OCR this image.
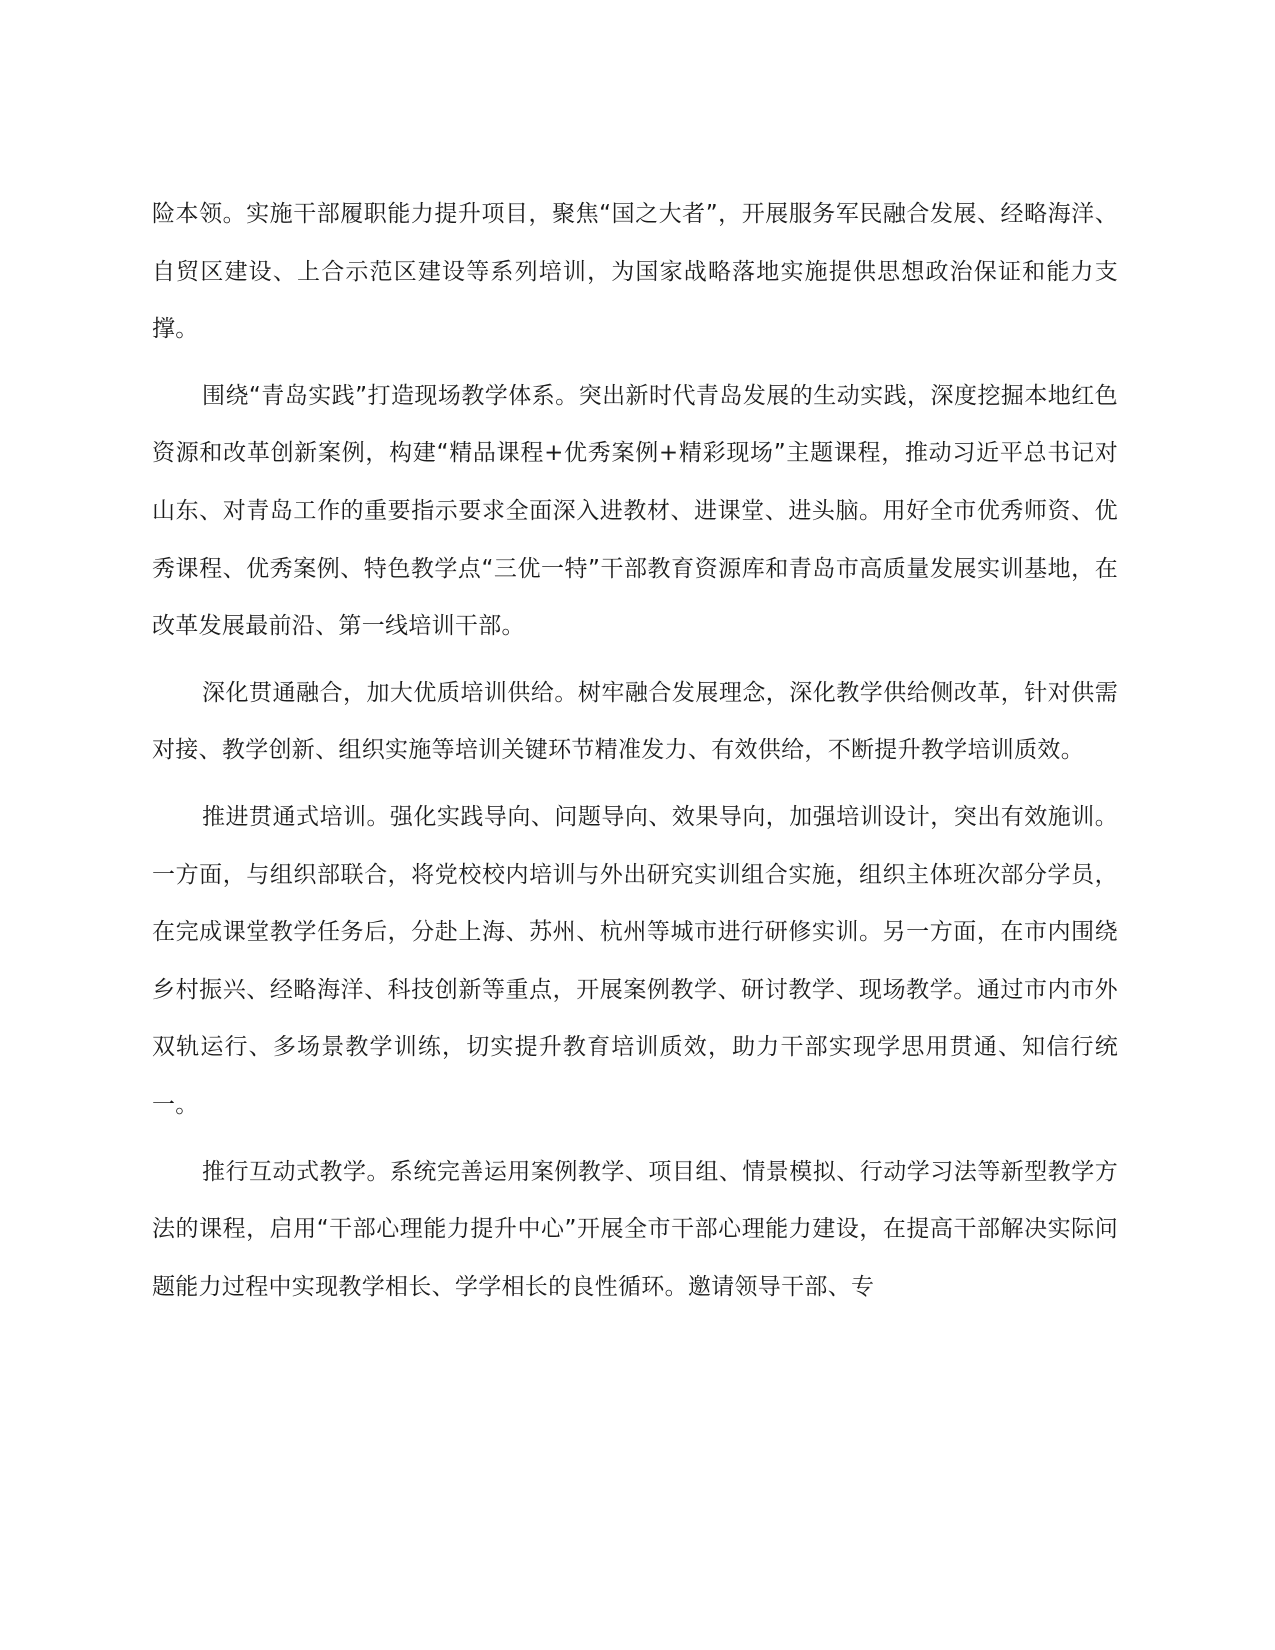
险本领。实施干部履职能力提升项目，聚焦“国之大者”，开展服务军民融合发展、经略海洋、自贸区建设、上合示范区建设等系列培训，为国家战略落地实施提供思想政治保证和能力支撑。

围绕“青岛实践”打造现场教学体系。突出新时代青岛发展的生动实践，深度挖掘本地红色资源和改革创新案例，构建“精品课程+优秀案例+精彩现场”主题课程，推动习近平总书记对山东、对青岛工作的重要指示要求全面深入进教材、进课堂、进头脑。用好全市优秀师资、优秀课程、优秀案例、特色教学点“三优一特”干部教育资源库和青岛市高质量发展实训基地，在改革发展最前沿、第一线培训干部。

深化贯通融合，加大优质培训供给。树牢融合发展理念，深化教学供给侧改革，针对供需对接、教学创新、组织实施等培训关键环节精准发力、有效供给，不断提升教学培训质效。

推进贯通式培训。强化实践导向、问题导向、效果导向，加强培训设计，突出有效施训。一方面，与组织部联合，将党校校内培训与外出研究实训组合实施，组织主体班次部分学员，在完成课堂教学任务后，分赴上海、苏州、杭州等城市进行研修实训。另一方面，在市内围绕乡村振兴、经略海洋、科技创新等重点，开展案例教学、研讨教学、现场教学。通过市内市外双轨运行、多场景教学训练，切实提升教育培训质效，助力干部实现学思用贯通、知信行统一。

推行互动式教学。系统完善运用案例教学、项目组、情景模拟、行动学习法等新型教学方法的课程，启用“干部心理能力提升中心”开展全市干部心理能力建设，在提高干部解决实际问题能力过程中实现教学相长、学学相长的良性循环。邀请领导干部、专
